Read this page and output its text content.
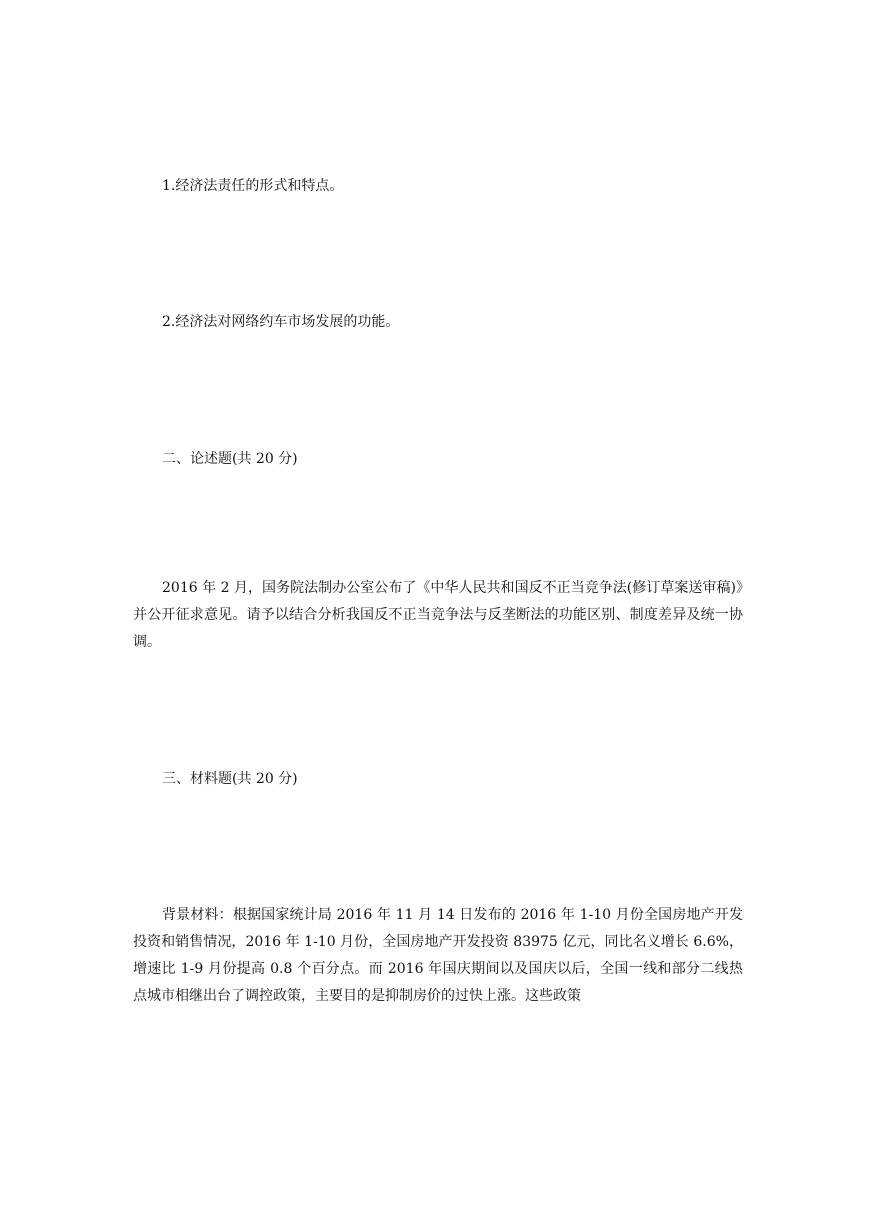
1.经济法责任的形式和特点。
2.经济法对网络约车市场发展的功能。
二、论述题(共 20 分)
2016 年 2 月，国务院法制办公室公布了《中华人民共和国反不正当竞争法(修订草案送审稿)》并公开征求意见。请予以结合分析我国反不正当竞争法与反垄断法的功能区别、制度差异及统一协调。
三、材料题(共 20 分)
背景材料：根据国家统计局 2016 年 11 月 14 日发布的 2016 年 1-10 月份全国房地产开发投资和销售情况，2016 年 1-10 月份，全国房地产开发投资 83975 亿元，同比名义增长 6.6%，增速比 1-9 月份提高 0.8 个百分点。而 2016 年国庆期间以及国庆以后，全国一线和部分二线热点城市相继出台了调控政策，主要目的是抑制房价的过快上涨。这些政策
